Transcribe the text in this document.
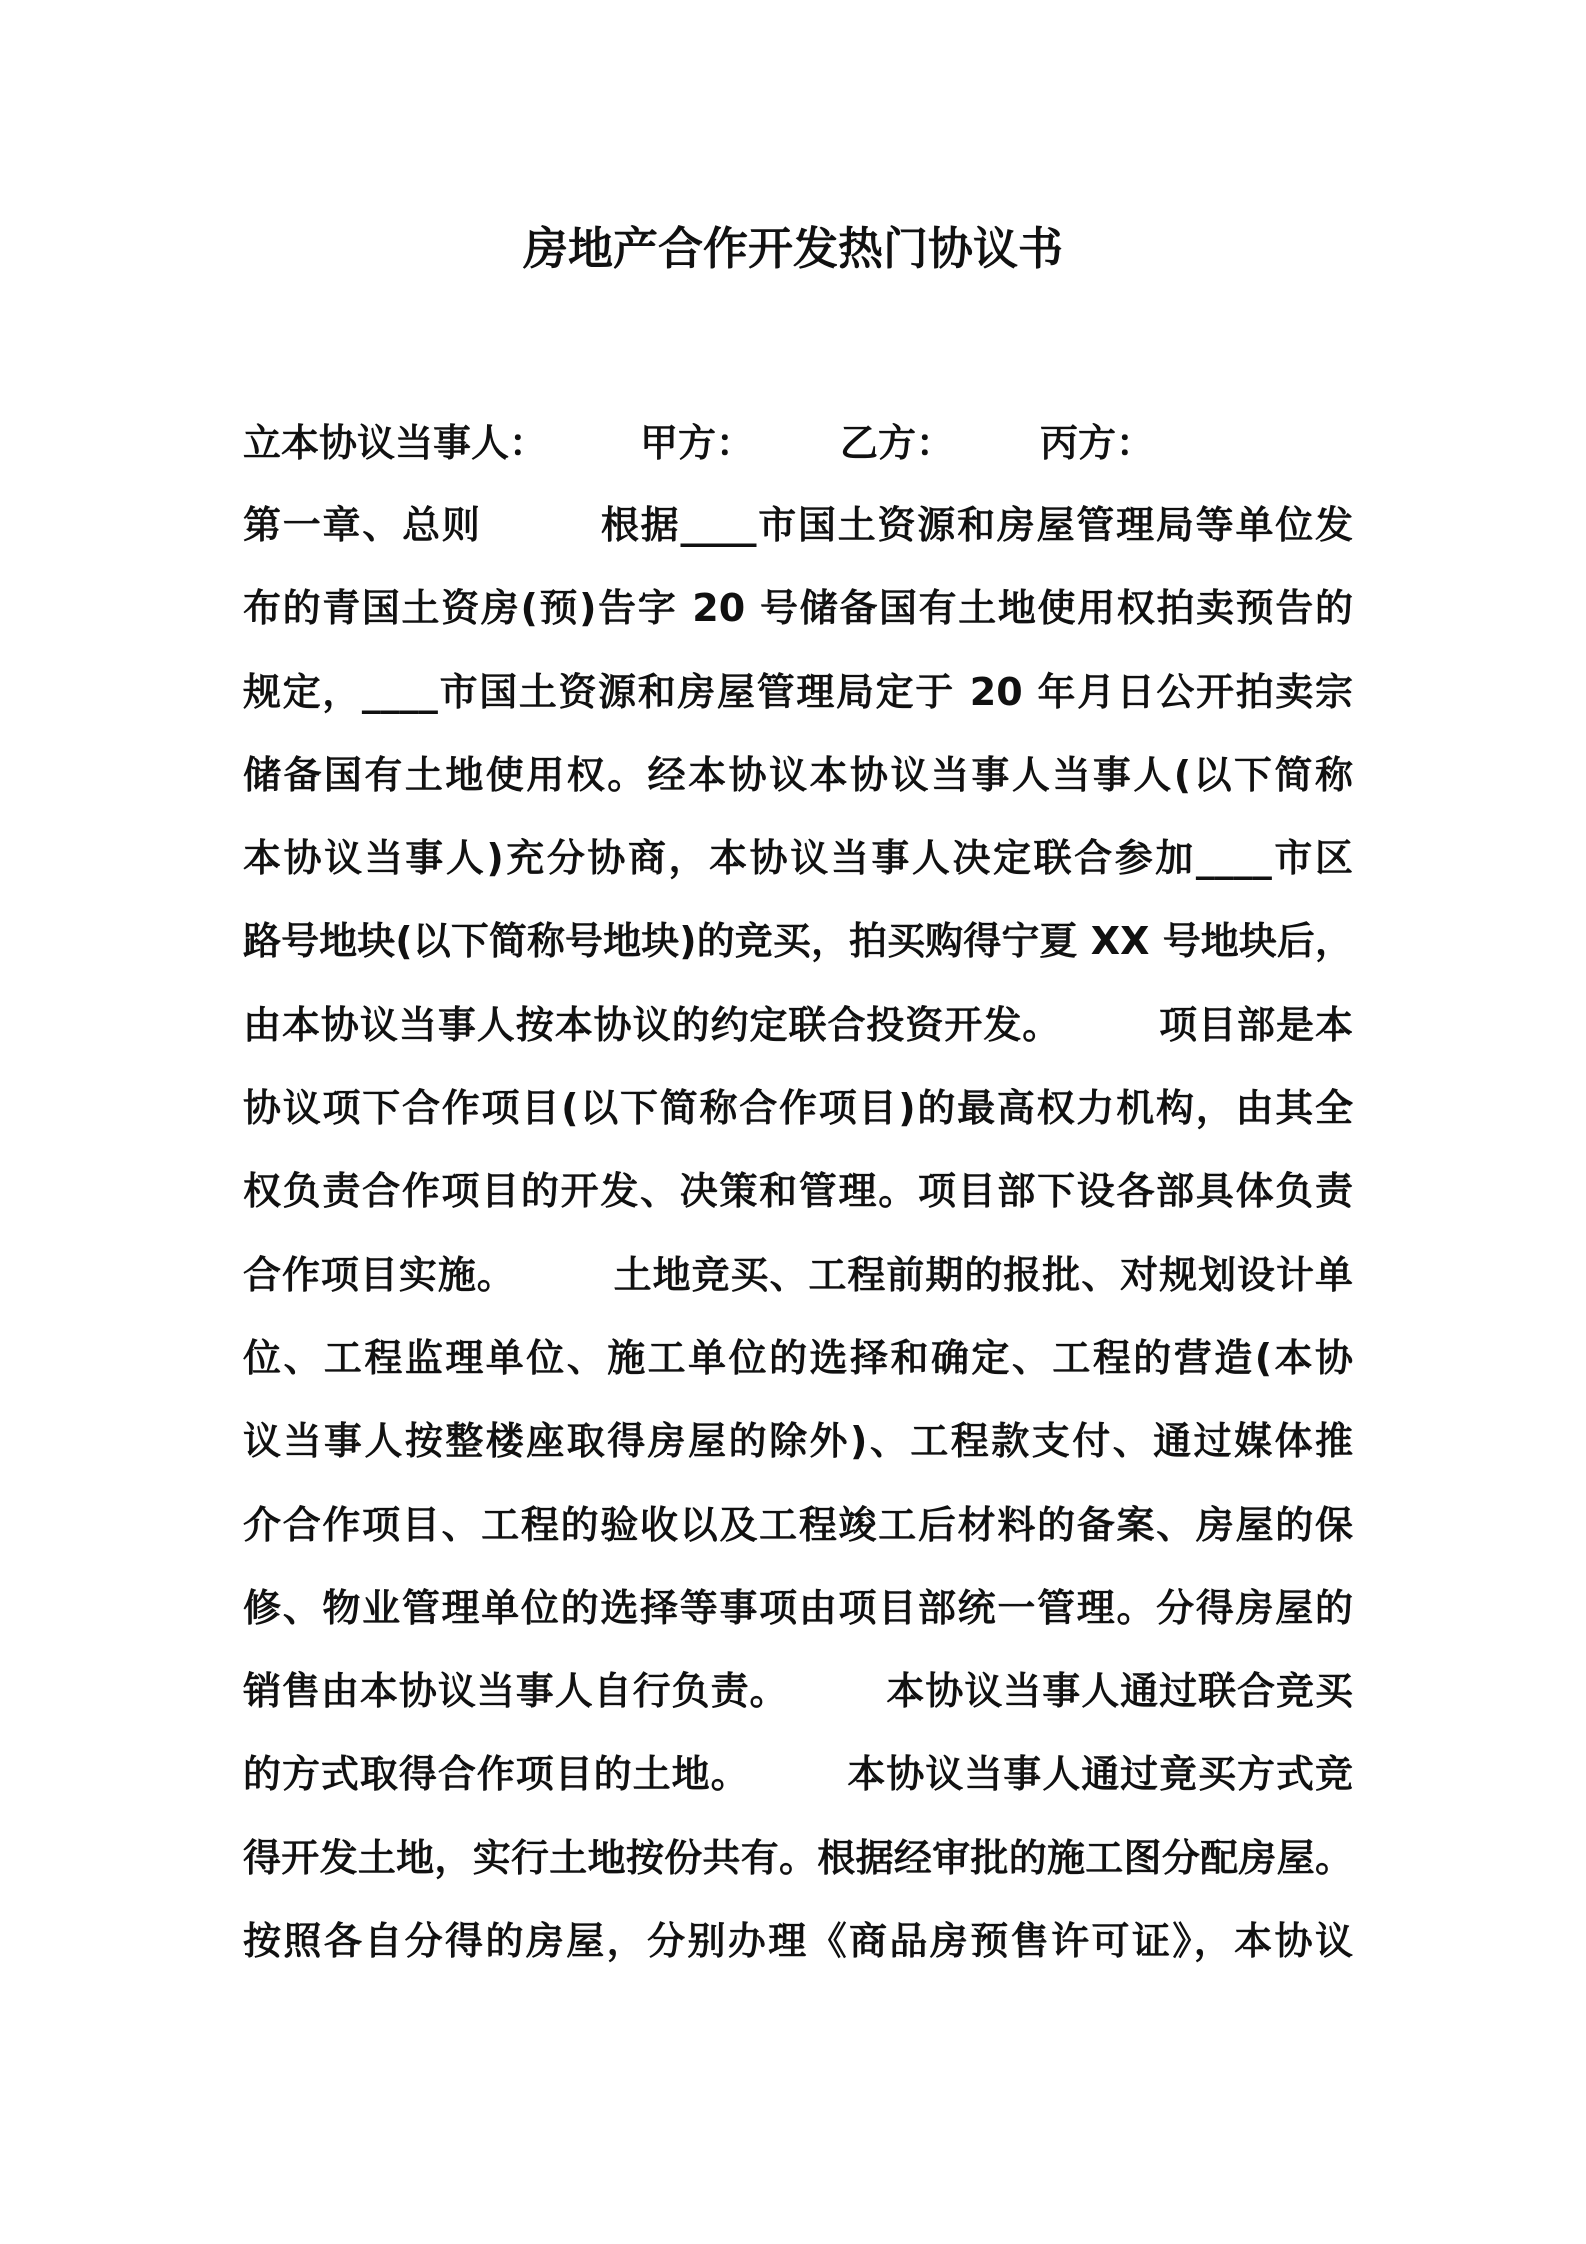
房地产合作开发热门协议书
立本协议当事人：	甲方：	乙方：	丙方：
第一章、总则　　　根据____市国土资源和房屋管理局等单位发
布的青国土资房(预)告字 20 号储备国有土地使用权拍卖预告的
规定，____市国土资源和房屋管理局定于 20 年月日公开拍卖宗
储备国有土地使用权。经本协议本协议当事人当事人(以下简称
本协议当事人)充分协商，本协议当事人决定联合参加____市区
路号地块(以下简称号地块)的竞买，拍买购得宁夏 XX 号地块后，
由本协议当事人按本协议的约定联合投资开发。　　　项目部是本
协议项下合作项目(以下简称合作项目)的最高权力机构，由其全
权负责合作项目的开发、决策和管理。项目部下设各部具体负责
合作项目实施。　　　土地竞买、工程前期的报批、对规划设计单
位、工程监理单位、施工单位的选择和确定、工程的营造(本协
议当事人按整楼座取得房屋的除外)、工程款支付、通过媒体推
介合作项目、工程的验收以及工程竣工后材料的备案、房屋的保
修、物业管理单位的选择等事项由项目部统一管理。分得房屋的
销售由本协议当事人自行负责。　　　本协议当事人通过联合竞买
的方式取得合作项目的土地。　　　本协议当事人通过竟买方式竞
得开发土地，实行土地按份共有。根据经审批的施工图分配房屋。
按照各自分得的房屋，分别办理《商品房预售许可证》，本协议
